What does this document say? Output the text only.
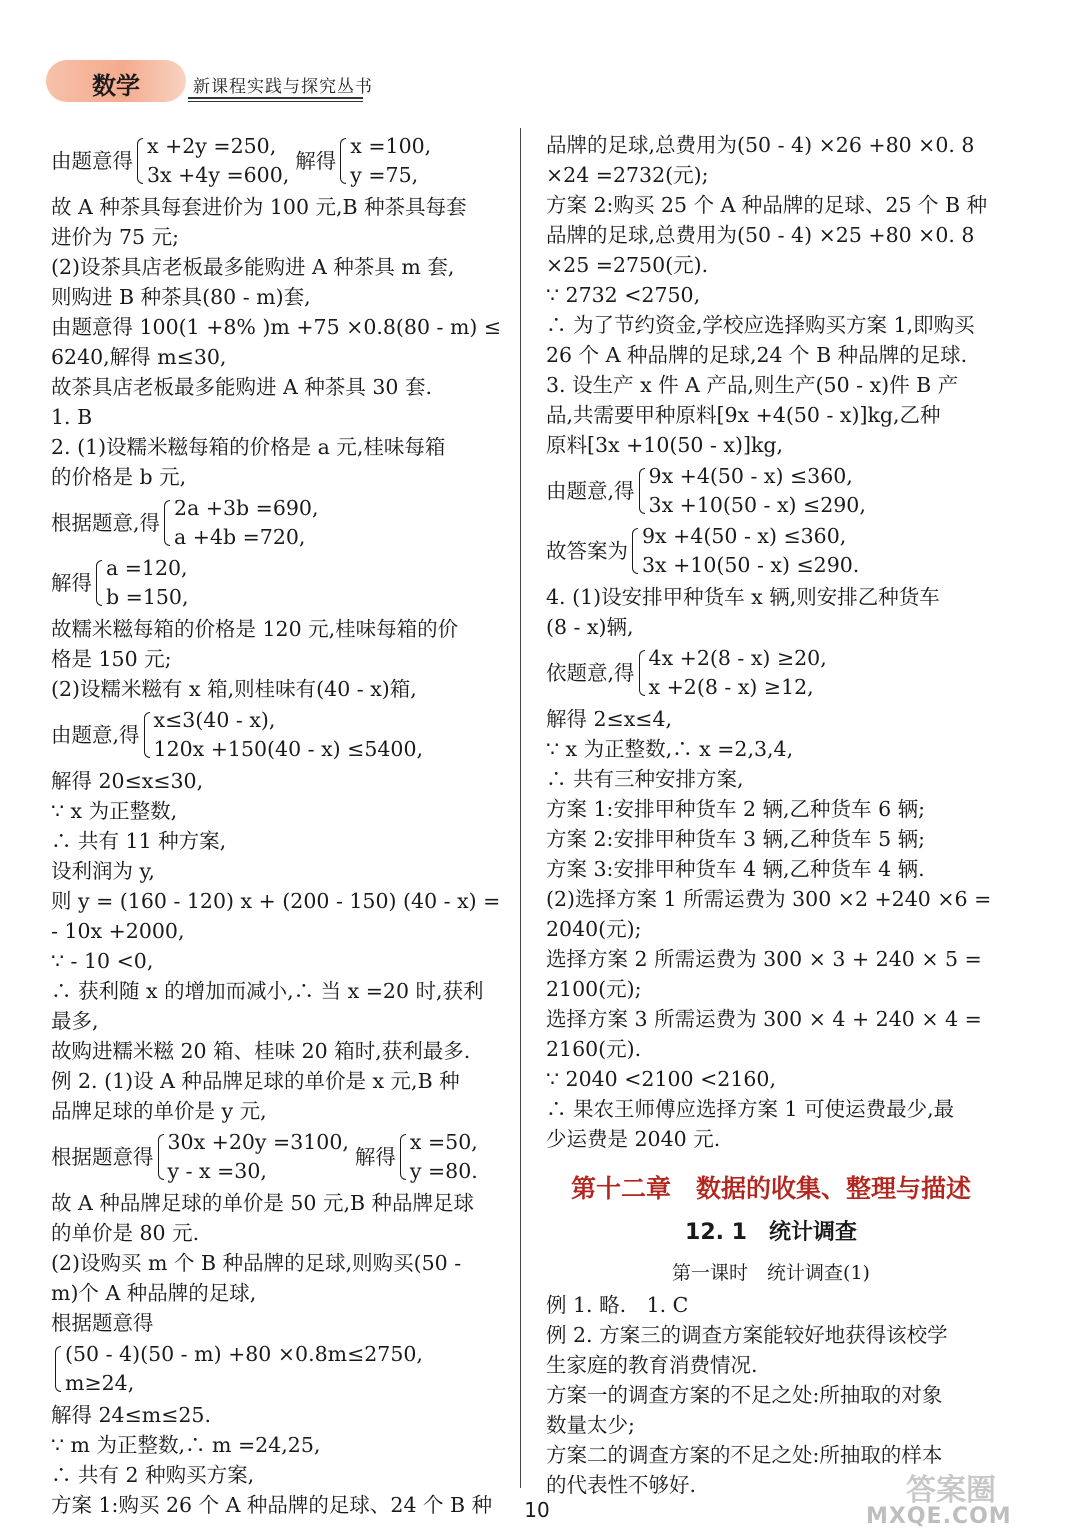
数学	新课程实践与探究丛书
由题意得
x +2y =250,
3x +4y =600,
解得
x =100,
y =75,
故 A 种茶具每套进价为 100 元,B 种茶具每套
进价为 75 元;
(2)设茶具店老板最多能购进 A 种茶具 m 套,
则购进 B 种茶具(80 - m)套,
由题意得 100(1 +8% )m +75 ×0.8(80 - m) ≤
6240,解得 m≤30,
故茶具店老板最多能购进 A 种茶具 30 套.
1. B
2. (1)设糯米糍每箱的价格是 a 元,桂味每箱
的价格是 b 元,
根据题意,得
2a +3b =690,
a +4b =720,
解得
a =120,
b =150,
故糯米糍每箱的价格是 120 元,桂味每箱的价
格是 150 元;
(2)设糯米糍有 x 箱,则桂味有(40 - x)箱,
由题意,得
x≤3(40 - x),
120x +150(40 - x) ≤5400,
解得 20≤x≤30,
∵ x 为正整数,
∴ 共有 11 种方案,
设利润为 y,
则 y = (160 - 120) x + (200 - 150) (40 - x) =
- 10x +2000,
∵ - 10 <0,
∴ 获利随 x 的增加而减小,∴ 当 x =20 时,获利
最多,
故购进糯米糍 20 箱、桂味 20 箱时,获利最多.
例 2. (1)设 A 种品牌足球的单价是 x 元,B 种
品牌足球的单价是 y 元,
根据题意得
30x +20y =3100,
y - x =30,
解得
x =50,
y =80.
故 A 种品牌足球的单价是 50 元,B 种品牌足球
的单价是 80 元.
(2)设购买 m 个 B 种品牌的足球,则购买(50 -
m)个 A 种品牌的足球,
根据题意得
(50 - 4)(50 - m) +80 ×0.8m≤2750,
m≥24,
解得 24≤m≤25.
∵ m 为正整数,∴ m =24,25,
∴ 共有 2 种购买方案,
方案 1:购买 26 个 A 种品牌的足球、24 个 B 种
品牌的足球,总费用为(50 - 4) ×26 +80 ×0. 8
×24 =2732(元);
方案 2:购买 25 个 A 种品牌的足球、25 个 B 种
品牌的足球,总费用为(50 - 4) ×25 +80 ×0. 8
×25 =2750(元).
∵ 2732 <2750,
∴ 为了节约资金,学校应选择购买方案 1,即购买
26 个 A 种品牌的足球,24 个 B 种品牌的足球.
3. 设生产 x 件 A 产品,则生产(50 - x)件 B 产
品,共需要甲种原料[9x +4(50 - x)]kg,乙种
原料[3x +10(50 - x)]kg,
由题意,得
9x +4(50 - x) ≤360,
3x +10(50 - x) ≤290,
故答案为
9x +4(50 - x) ≤360,
3x +10(50 - x) ≤290.
4. (1)设安排甲种货车 x 辆,则安排乙种货车
(8 - x)辆,
依题意,得
4x +2(8 - x) ≥20,
x +2(8 - x) ≥12,
解得 2≤x≤4,
∵ x 为正整数,∴ x =2,3,4,
∴ 共有三种安排方案,
方案 1:安排甲种货车 2 辆,乙种货车 6 辆;
方案 2:安排甲种货车 3 辆,乙种货车 5 辆;
方案 3:安排甲种货车 4 辆,乙种货车 4 辆.
(2)选择方案 1 所需运费为 300 ×2 +240 ×6 =
2040(元);
选择方案 2 所需运费为 300 × 3 + 240 × 5 =
2100(元);
选择方案 3 所需运费为 300 × 4 + 240 × 4 =
2160(元).
∵ 2040 <2100 <2160,
∴ 果农王师傅应选择方案 1 可使运费最少,最
少运费是 2040 元.
第十二章　数据的收集、整理与描述
12. 1　统计调查
第一课时　统计调查(1)
例 1. 略.　1. C
例 2. 方案三的调查方案能较好地获得该校学
生家庭的教育消费情况.
方案一的调查方案的不足之处:所抽取的对象
数量太少;
方案二的调查方案的不足之处:所抽取的样本
的代表性不够好.
10
答案圈
MXQE.COM
